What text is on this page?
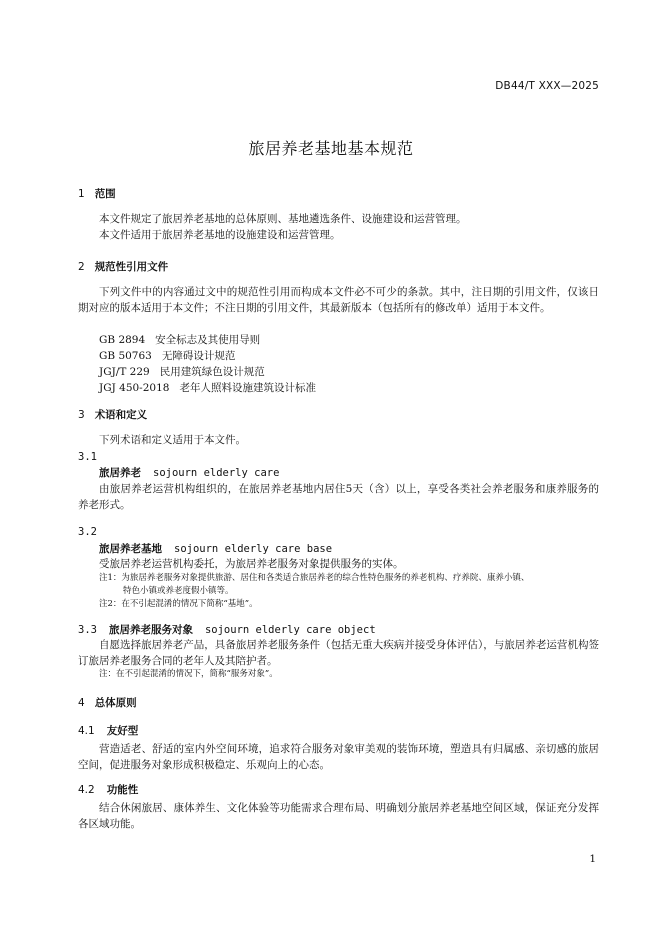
DB44/T XXX—2025
旅居养老基地基本规范
1 范围
本文件规定了旅居养老基地的总体原则、基地遴选条件、设施建设和运营管理。
本文件适用于旅居养老基地的设施建设和运营管理。
2 规范性引用文件
下列文件中的内容通过文中的规范性引用而构成本文件必不可少的条款。其中，注日期的引用文件，仅该日期对应的版本适用于本文件；不注日期的引用文件，其最新版本（包括所有的修改单）适用于本文件。
GB 2894 安全标志及其使用导则
GB 50763 无障碍设计规范
JGJ/T 229 民用建筑绿色设计规范
JGJ 450-2018 老年人照料设施建筑设计标准
3 术语和定义
下列术语和定义适用于本文件。
3.1
旅居养老 sojourn elderly care
由旅居养老运营机构组织的，在旅居养老基地内居住5天（含）以上，享受各类社会养老服务和康养服务的养老形式。
3.2
旅居养老基地 sojourn elderly care base
受旅居养老运营机构委托，为旅居养老服务对象提供服务的实体。
注1：为旅居养老服务对象提供旅游、居住和各类适合旅居养老的综合性特色服务的养老机构、疗养院、康养小镇、
特色小镇或养老度假小镇等。
注2：在不引起混淆的情况下简称“基地”。
3.3 旅居养老服务对象 sojourn elderly care object
自愿选择旅居养老产品，具备旅居养老服务条件（包括无重大疾病并接受身体评估），与旅居养老运营机构签订旅居养老服务合同的老年人及其陪护者。
注：在不引起混淆的情况下，简称“服务对象”。
4 总体原则
4.1 友好型
营造适老、舒适的室内外空间环境，追求符合服务对象审美观的装饰环境，塑造具有归属感、亲切感的旅居空间，促进服务对象形成积极稳定、乐观向上的心态。
4.2 功能性
结合休闲旅居、康体养生、文化体验等功能需求合理布局、明确划分旅居养老基地空间区域，保证充分发挥各区域功能。
1
